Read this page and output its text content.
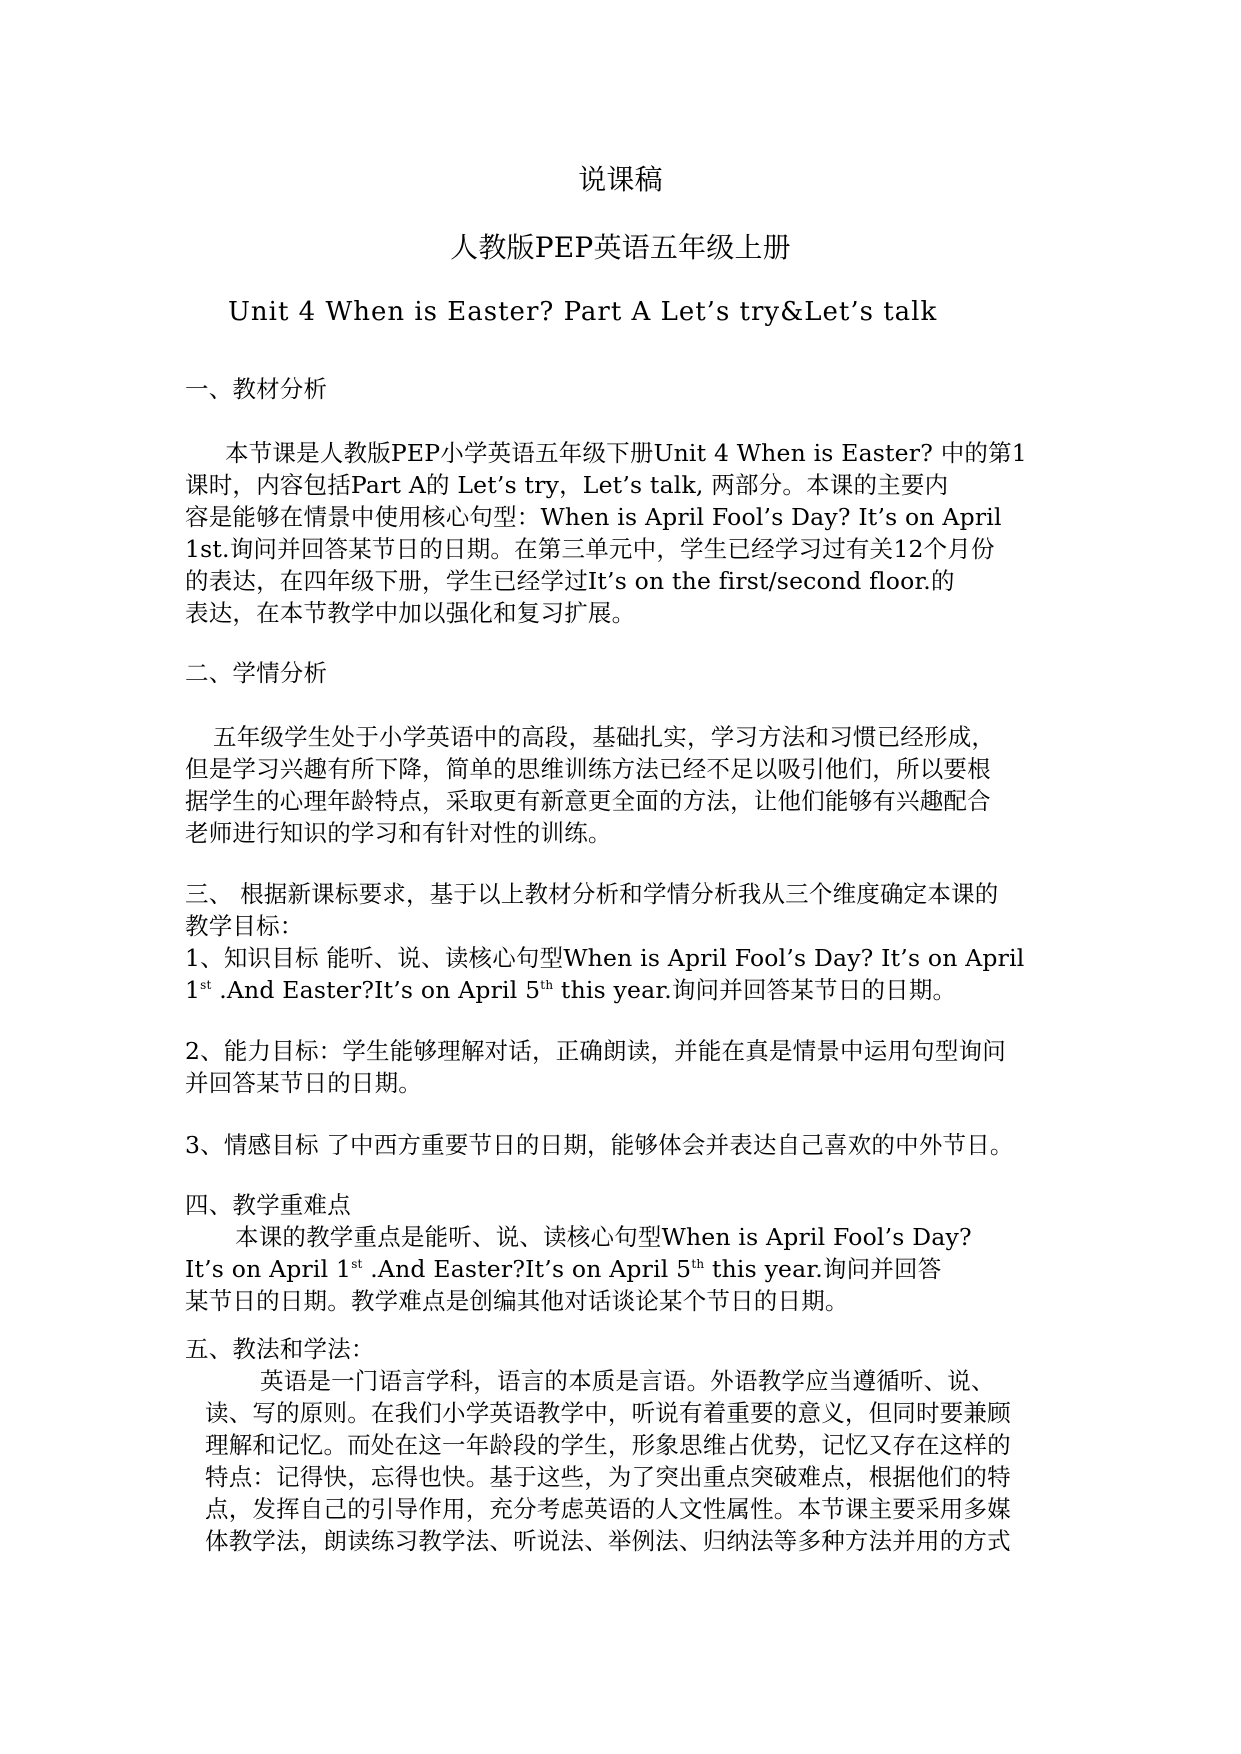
说课稿
人教版PEP英语五年级上册
Unit 4 When is Easter? Part A Let’s try&Let’s talk
一、教材分析
本节课是人教版PEP小学英语五年级下册Unit 4 When is Easter? 中的第1
课时，内容包括Part A的 Let’s try，Let’s talk, 两部分。本课的主要内
容是能够在情景中使用核心句型：When is April Fool’s Day? It’s on April
1st.询问并回答某节日的日期。在第三单元中，学生已经学习过有关12个月份
的表达，在四年级下册，学生已经学过It’s on the first/second floor.的
表达，在本节教学中加以强化和复习扩展。
二、学情分析
五年级学生处于小学英语中的高段，基础扎实，学习方法和习惯已经形成，
但是学习兴趣有所下降，简单的思维训练方法已经不足以吸引他们，所以要根
据学生的心理年龄特点，采取更有新意更全面的方法，让他们能够有兴趣配合
老师进行知识的学习和有针对性的训练。
三、 根据新课标要求，基于以上教材分析和学情分析我从三个维度确定本课的
教学目标：
1、知识目标 能听、说、读核心句型When is April Fool’s Day? It’s on April
1st .And Easter?It’s on April 5th this year.询问并回答某节日的日期。
2、能力目标：学生能够理解对话，正确朗读，并能在真是情景中运用句型询问
并回答某节日的日期。
3、情感目标 了中西方重要节日的日期，能够体会并表达自己喜欢的中外节日。
四、教学重难点
本课的教学重点是能听、说、读核心句型When is April Fool’s Day?
It’s on April 1st .And Easter?It’s on April 5th this year.询问并回答
某节日的日期。教学难点是创编其他对话谈论某个节日的日期。
五、教法和学法：
英语是一门语言学科，语言的本质是言语。外语教学应当遵循听、说、
读、写的原则。在我们小学英语教学中，听说有着重要的意义，但同时要兼顾
理解和记忆。而处在这一年龄段的学生，形象思维占优势，记忆又存在这样的
特点：记得快，忘得也快。基于这些，为了突出重点突破难点，根据他们的特
点，发挥自己的引导作用，充分考虑英语的人文性属性。本节课主要采用多媒
体教学法，朗读练习教学法、听说法、举例法、归纳法等多种方法并用的方式
